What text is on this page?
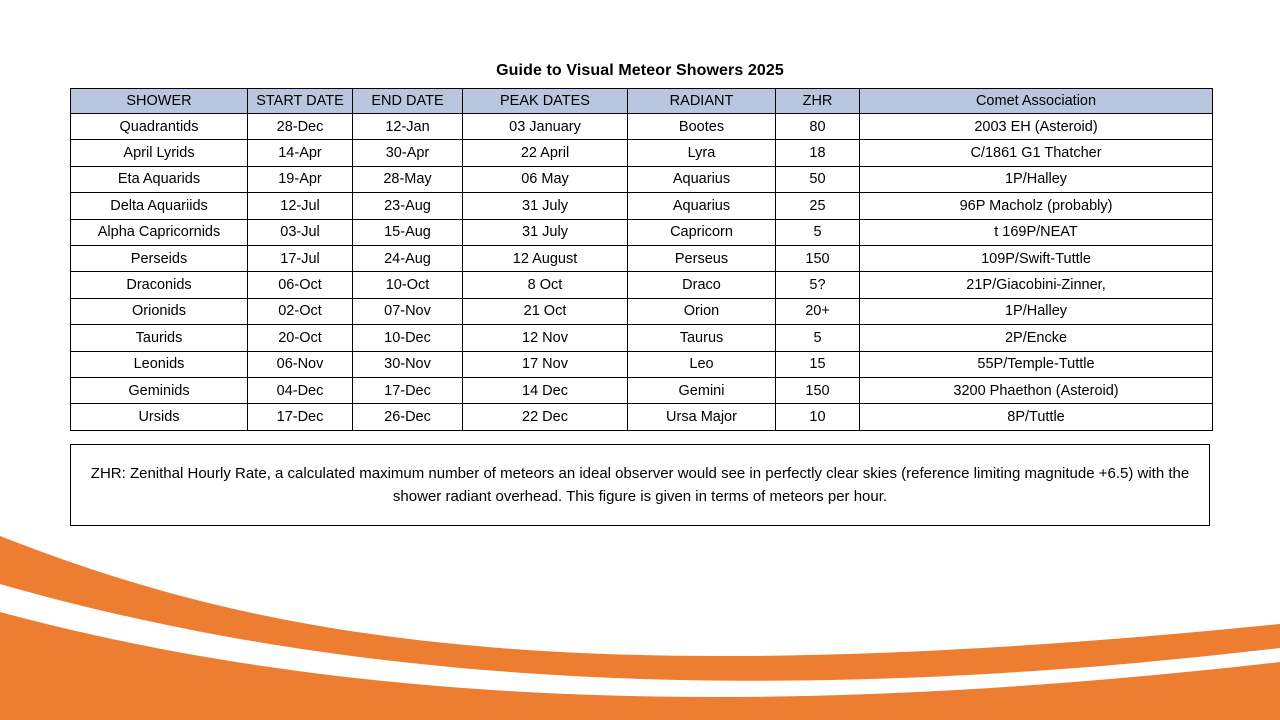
Guide to Visual Meteor Showers 2025
SHOWER	START DATE	END DATE	PEAK DATES	RADIANT	ZHR	Comet Association
Quadrantids	28-Dec	12-Jan	03 January	Bootes	80	2003 EH (Asteroid)
April Lyrids	14-Apr	30-Apr	22 April	Lyra	18	C/1861 G1 Thatcher
Eta Aquarids	19-Apr	28-May	06 May	Aquarius	50	1P/Halley
Delta Aquariids	12-Jul	23-Aug	31 July	Aquarius	25	96P Macholz (probably)
Alpha Capricornids	03-Jul	15-Aug	31 July	Capricorn	5	t 169P/NEAT
Perseids	17-Jul	24-Aug	12 August	Perseus	150	109P/Swift-Tuttle
Draconids	06-Oct	10-Oct	8 Oct	Draco	5?	21P/Giacobini-Zinner,
Orionids	02-Oct	07-Nov	21 Oct	Orion	20+	1P/Halley
Taurids	20-Oct	10-Dec	12 Nov	Taurus	5	2P/Encke
Leonids	06-Nov	30-Nov	17 Nov	Leo	15	55P/Temple-Tuttle
Geminids	04-Dec	17-Dec	14 Dec	Gemini	150	3200 Phaethon (Asteroid)
Ursids	17-Dec	26-Dec	22 Dec	Ursa Major	10	8P/Tuttle
ZHR: Zenithal Hourly Rate, a calculated maximum number of meteors an ideal observer would see in perfectly clear skies (reference limiting magnitude +6.5) with the shower radiant overhead. This figure is given in terms of meteors per hour.
